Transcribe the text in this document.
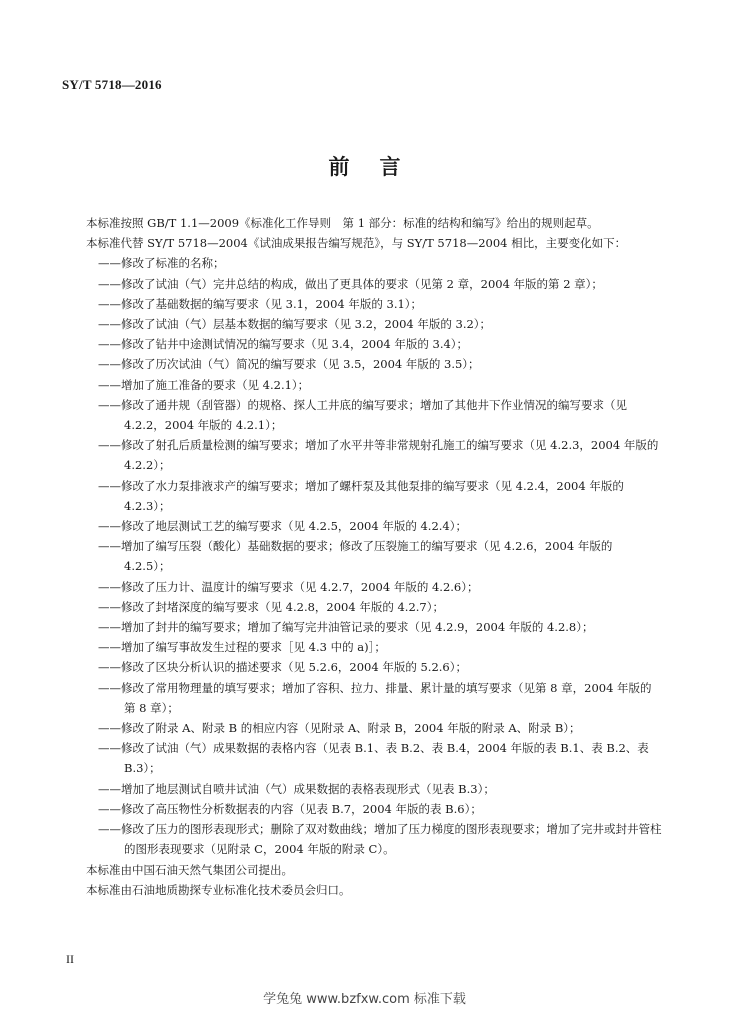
SY/T 5718—2016
前言

本标准按照 GB/T 1.1—2009《标准化工作导则　第 1 部分：标准的结构和编写》给出的规则起草。

本标准代替 SY/T 5718—2004《试油成果报告编写规范》，与 SY/T 5718—2004 相比，主要变化如下：

——修改了标准的名称；

——修改了试油（气）完井总结的构成，做出了更具体的要求（见第 2 章，2004 年版的第 2 章）；

——修改了基础数据的编写要求（见 3.1，2004 年版的 3.1）；

——修改了试油（气）层基本数据的编写要求（见 3.2，2004 年版的 3.2）；

——修改了钻井中途测试情况的编写要求（见 3.4，2004 年版的 3.4）；

——修改了历次试油（气）简况的编写要求（见 3.5，2004 年版的 3.5）；

——增加了施工准备的要求（见 4.2.1）；

——修改了通井规（刮管器）的规格、探人工井底的编写要求；增加了其他井下作业情况的编写要求（见 4.2.2，2004 年版的 4.2.1）；

——修改了射孔后质量检测的编写要求；增加了水平井等非常规射孔施工的编写要求（见 4.2.3，2004 年版的 4.2.2）；

——修改了水力泵排液求产的编写要求；增加了螺杆泵及其他泵排的编写要求（见 4.2.4，2004 年版的 4.2.3）；

——修改了地层测试工艺的编写要求（见 4.2.5，2004 年版的 4.2.4）；

——增加了编写压裂（酸化）基础数据的要求；修改了压裂施工的编写要求（见 4.2.6，2004 年版的 4.2.5）；

——修改了压力计、温度计的编写要求（见 4.2.7，2004 年版的 4.2.6）；

——修改了封堵深度的编写要求（见 4.2.8，2004 年版的 4.2.7）；

——增加了封井的编写要求；增加了编写完井油管记录的要求（见 4.2.9，2004 年版的 4.2.8）；

——增加了编写事故发生过程的要求［见 4.3 中的 a)］；

——修改了区块分析认识的描述要求（见 5.2.6，2004 年版的 5.2.6）；

——修改了常用物理量的填写要求；增加了容积、拉力、排量、累计量的填写要求（见第 8 章，2004 年版的第 8 章）；

——修改了附录 A、附录 B 的相应内容（见附录 A、附录 B，2004 年版的附录 A、附录 B）；

——修改了试油（气）成果数据的表格内容（见表 B.1、表 B.2、表 B.4，2004 年版的表 B.1、表 B.2、表 B.3）；

——增加了地层测试自喷井试油（气）成果数据的表格表现形式（见表 B.3）；

——修改了高压物性分析数据表的内容（见表 B.7，2004 年版的表 B.6）；

——修改了压力的图形表现形式；删除了双对数曲线；增加了压力梯度的图形表现要求；增加了完井或封井管柱的图形表现要求（见附录 C，2004 年版的附录 C）。

本标准由中国石油天然气集团公司提出。

本标准由石油地质勘探专业标准化技术委员会归口。

II
学兔兔 www.bzfxw.com 标准下载
